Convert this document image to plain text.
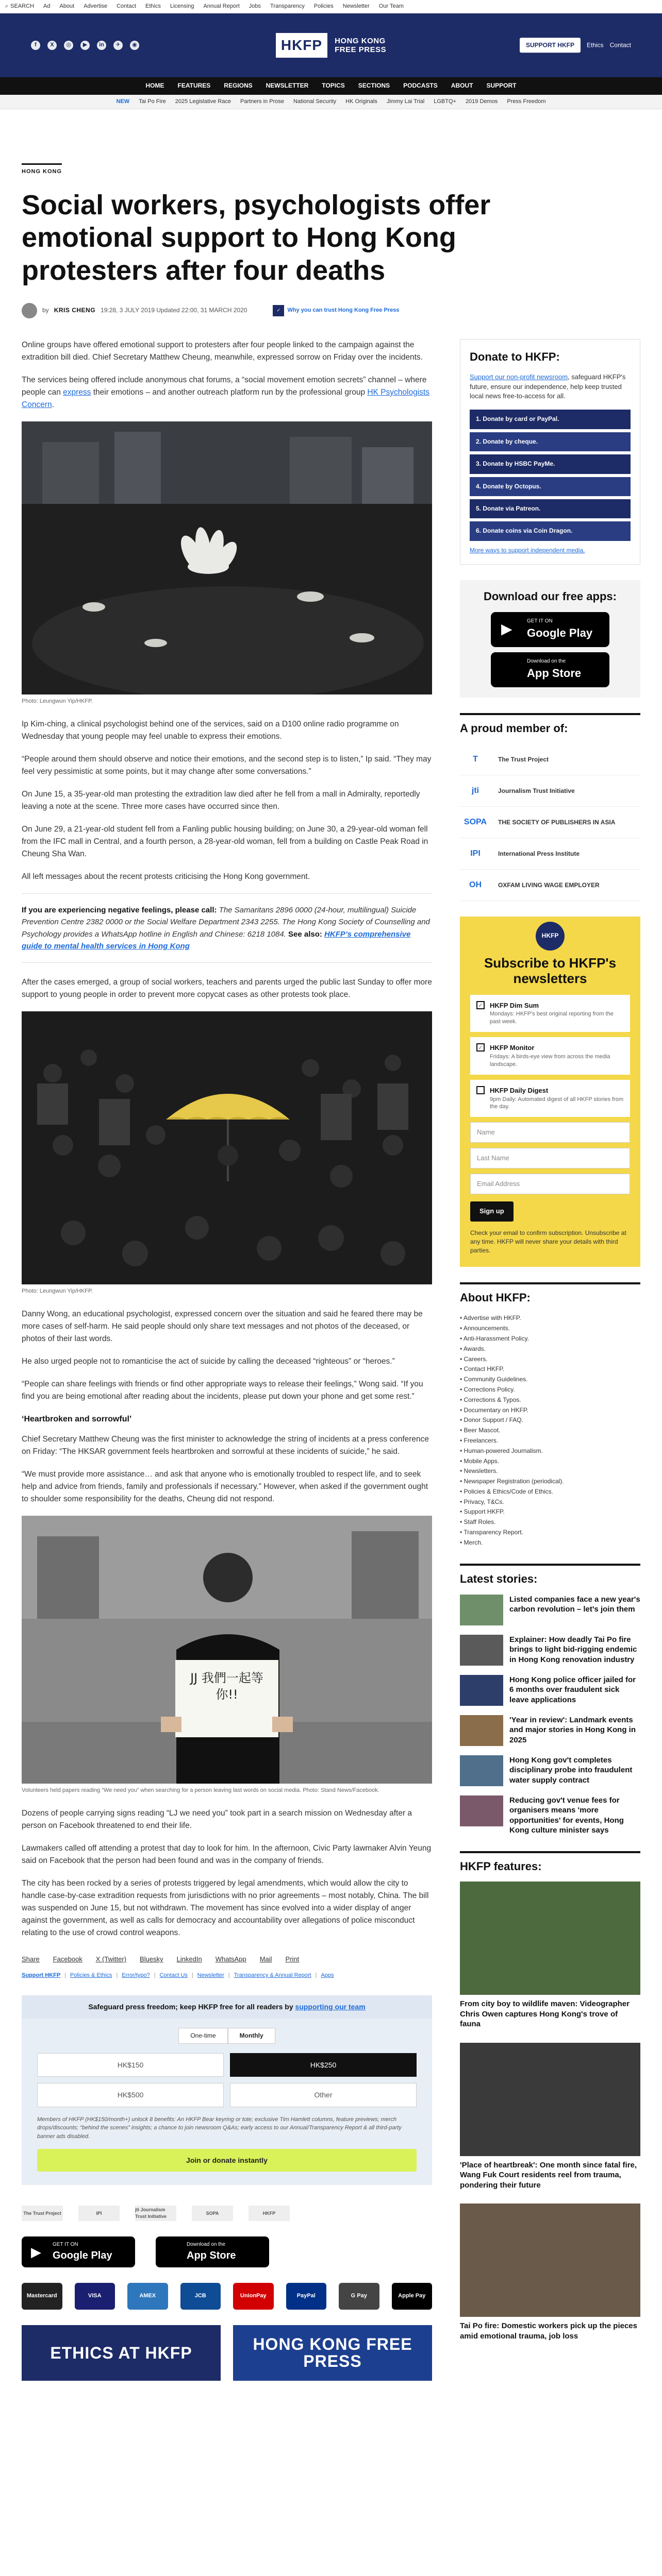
⌕ SEARCH Ad About Advertise Contact Ethics Licensing Annual Report Jobs Transparency Policies Newsletter Our Team
f	X	◎	▶	in	✈	◉	HKFP	HONG KONG
FREE PRESS
SUPPORT HKFP	Ethics Contact
HOME FEATURES REGIONS NEWSLETTER TOPICS SECTIONS PODCASTS ABOUT SUPPORT
NEW Tai Po Fire 2025 Legislative Race Partners in Prose National Security HK Originals Jimmy Lai Trial LGBTQ+ 2019 Demos Press Freedom
HONG KONG
Social workers, psychologists offer emotional support to Hong Kong protesters after four deaths
by KRIS CHENG 19:28, 3 JULY 2019 Updated 22:00, 31 MARCH 2020	✓	Why you can trust Hong Kong Free Press

Online groups have offered emotional support to protesters after four people linked to the campaign against the extradition bill died. Chief Secretary Matthew Cheung, meanwhile, expressed sorrow on Friday over the incidents.

The services being offered include anonymous chat forums, a “social movement emotion secrets” channel – where people can express their emotions – and another outreach platform run by the professional group HK Psychologists Concern.

Photo: Leungwun Yip/HKFP.

Ip Kim-ching, a clinical psychologist behind one of the services, said on a D100 online radio programme on Wednesday that young people may feel unable to express their emotions.

“People around them should observe and notice their emotions, and the second step is to listen,” Ip said. “They may feel very pessimistic at some points, but it may change after some conversations.”

On June 15, a 35-year-old man protesting the extradition law died after he fell from a mall in Admiralty, reportedly leaving a note at the scene. Three more cases have occurred since then.

On June 29, a 21-year-old student fell from a Fanling public housing building; on June 30, a 29-year-old woman fell from the IFC mall in Central, and a fourth person, a 28-year-old woman, fell from a building on Castle Peak Road in Cheung Sha Wan.

All left messages about the recent protests criticising the Hong Kong government.

If you are experiencing negative feelings, please call: The Samaritans 2896 0000 (24-hour, multilingual) Suicide Prevention Centre 2382 0000 or the Social Welfare Department 2343 2255. The Hong Kong Society of Counselling and Psychology provides a WhatsApp hotline in English and Chinese: 6218 1084. See also: HKFP’s comprehensive guide to mental health services in Hong Kong

After the cases emerged, a group of social workers, teachers and parents urged the public last Sunday to offer more support to young people in order to prevent more copycat cases as other protests took place.

Photo: Leungwun Yip/HKFP.

Danny Wong, an educational psychologist, expressed concern over the situation and said he feared there may be more cases of self-harm. He said people should only share text messages and not photos of the deceased, or photos of their last words.

He also urged people not to romanticise the act of suicide by calling the deceased “righteous” or “heroes.”

“People can share feelings with friends or find other appropriate ways to release their feelings,” Wong said. “If you find you are being emotional after reading about the incidents, please put down your phone and get some rest.”

‘Heartbroken and sorrowful’

Chief Secretary Matthew Cheung was the first minister to acknowledge the string of incidents at a press conference on Friday: “The HKSAR government feels heartbroken and sorrowful at these incidents of suicide,” he said.

“We must provide more assistance… and ask that anyone who is emotionally troubled to respect life, and to seek help and advice from friends, family and professionals if necessary.” However, when asked if the government ought to shoulder some responsibility for the deaths, Cheung did not respond.

JJ 我們一起等你!!
Volunteers held papers reading “We need you” when searching for a person leaving last words on social media. Photo: Stand News/Facebook.

Dozens of people carrying signs reading “LJ we need you” took part in a search mission on Wednesday after a person on Facebook threatened to end their life.

Lawmakers called off attending a protest that day to look for him. In the afternoon, Civic Party lawmaker Alvin Yeung said on Facebook that the person had been found and was in the company of friends.

The city has been rocked by a series of protests triggered by legal amendments, which would allow the city to handle case-by-case extradition requests from jurisdictions with no prior agreements – most notably, China. The bill was suspended on June 15, but not withdrawn. The movement has since evolved into a wider display of anger against the government, as well as calls for democracy and accountability over allegations of police misconduct relating to the use of crowd control weapons.

Share Facebook X (Twitter) Bluesky LinkedIn WhatsApp Mail Print
Support HKFP | Policies & Ethics | Error/typo? | Contact Us | Newsletter | Transparency & Annual Report | Apps
Safeguard press freedom; keep HKFP free for all readers by supporting our team
One-time	Monthly
HK$150	HK$250
HK$500	Other
Members of HKFP (HK$150/month+) unlock 8 benefits: An HKFP Bear keyring or tote; exclusive Tim Hamlett columns, feature previews; merch drops/discounts; “behind the scenes” insights; a chance to join newsroom Q&As; early access to our Annual/Transparency Report & all third-party banner ads disabled.
Join or donate instantly
The Trust Project	IPI
jti Journalism Trust Initiative
SOPA	HKFP
▶
GET IT ON
Google Play
Download on the
App Store
Mastercard	VISA	AMEX	JCB	UnionPay	PayPal	G Pay	Apple Pay
ETHICS AT HKFP	HONG KONG FREE PRESS
Donate to HKFP:

Support our non-profit newsroom, safeguard HKFP's future, ensure our independence, help keep trusted local news free-to-access for all.

1. Donate by card or PayPal.
2. Donate by cheque.
3. Donate by HSBC PayMe.
4. Donate by Octopus.
5. Donate via Patreon.
6. Donate coins via Coin Dragon.
More ways to support independent media.
Download our free apps:
▶	GET IT ON
Google Play
Download on the
App Store
A proud member of:
T	The Trust Project
jti	Journalism Trust Initiative
SOPA	THE SOCIETY OF PUBLISHERS IN ASIA
IPI	International Press Institute
OH	OXFAM LIVING WAGE EMPLOYER
HKFP
Subscribe to HKFP's newsletters
✓ HKFP Dim Sum
Mondays: HKFP's best original reporting from the past week.
✓ HKFP Monitor
Fridays: A birds-eye view from across the media landscape.
HKFP Daily Digest
9pm Daily: Automated digest of all HKFP stories from the day.
Name
Last Name
Email Address
Sign up
Check your email to confirm subscription. Unsubscribe at any time. HKFP will never share your details with third parties.
About HKFP:
• Advertise with HKFP.
• Announcements.
• Anti-Harassment Policy.
• Awards.
• Careers.
• Contact HKFP.
• Community Guidelines.
• Corrections Policy.
• Corrections & Typos.
• Documentary on HKFP.
• Donor Support / FAQ.
• Beer Mascot.
• Freelancers.
• Human-powered Journalism.
• Mobile Apps.
• Newsletters.
• Newspaper Registration (periodical).
• Policies & Ethics/Code of Ethics.
• Privacy, T&Cs.
• Support HKFP.
• Staff Roles.
• Transparency Report.
• Merch.
Latest stories:
Listed companies face a new year's carbon revolution – let's join them
Explainer: How deadly Tai Po fire brings to light bid-rigging endemic in Hong Kong renovation industry
Hong Kong police officer jailed for 6 months over fraudulent sick leave applications
'Year in review': Landmark events and major stories in Hong Kong in 2025
Hong Kong gov't completes disciplinary probe into fraudulent water supply contract
Reducing gov't venue fees for organisers means 'more opportunities' for events, Hong Kong culture minister says
HKFP features:
From city boy to wildlife maven: Videographer Chris Owen captures Hong Kong's trove of fauna
'Place of heartbreak': One month since fatal fire, Wang Fuk Court residents reel from trauma, pondering their future
Tai Po fire: Domestic workers pick up the pieces amid emotional trauma, job loss
